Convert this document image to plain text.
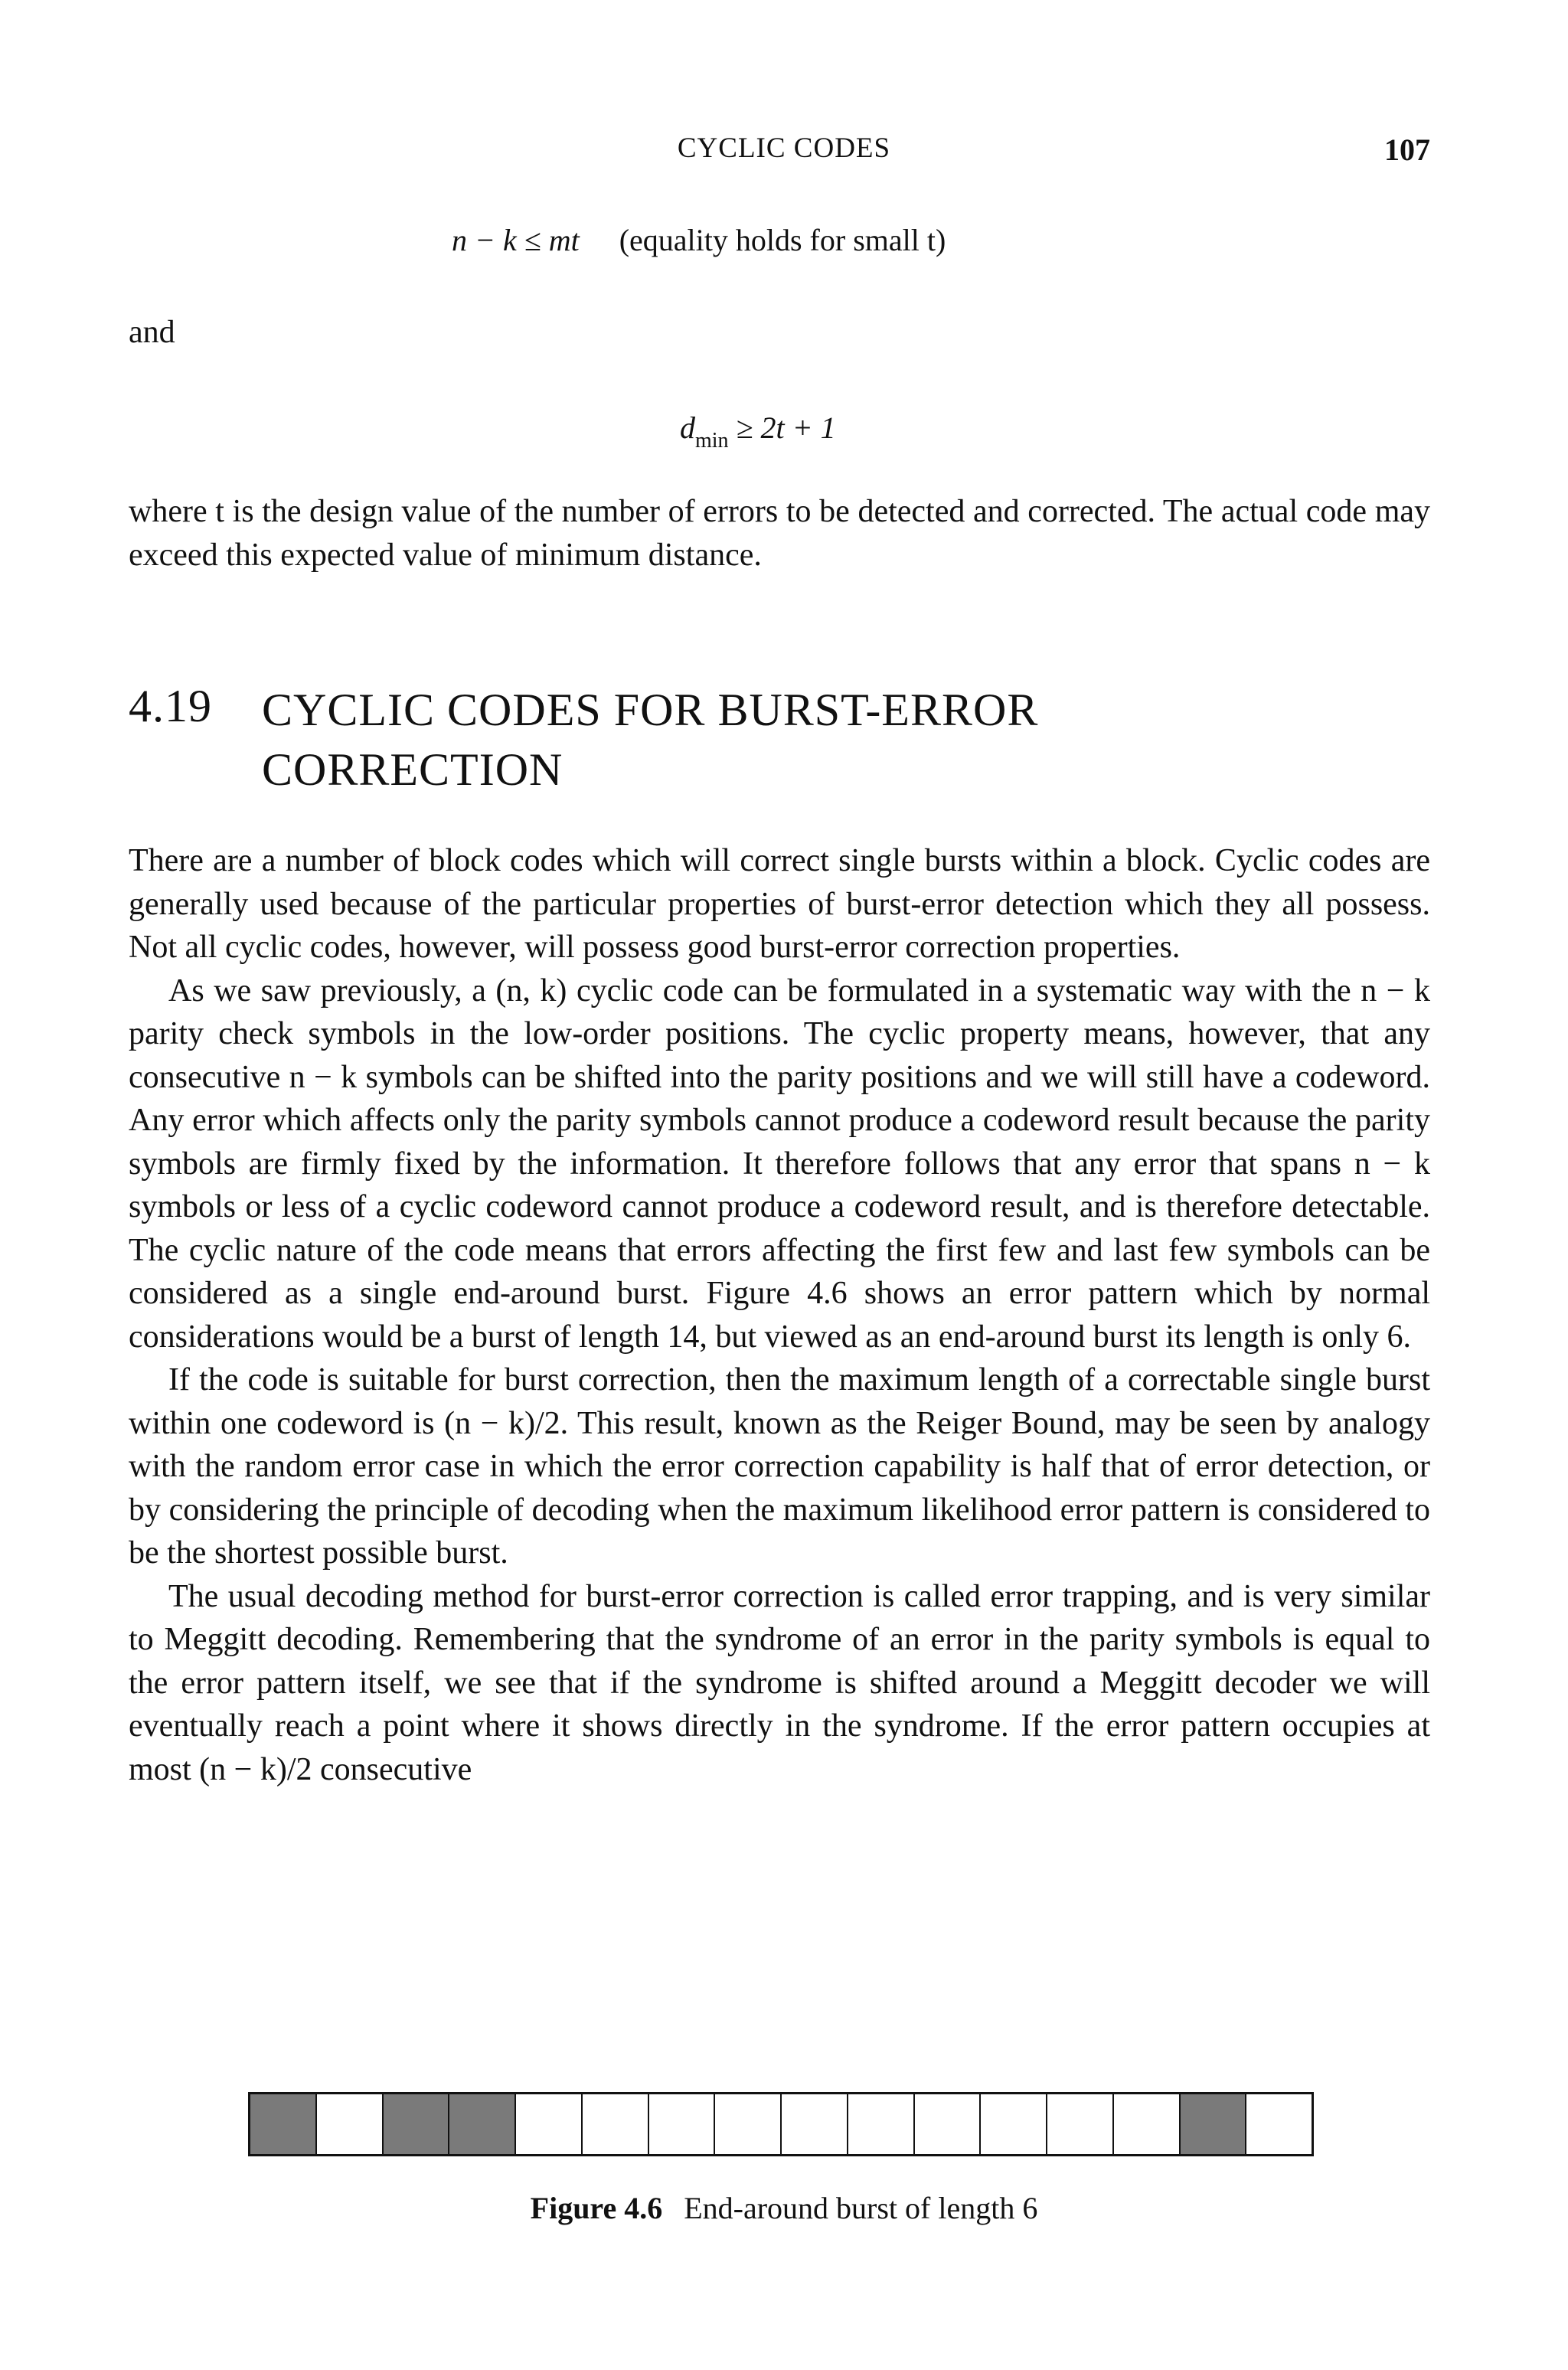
CYCLIC CODES	107
n − k ≤ mt (equality holds for small t)
and
$d_{min} \ge 2t + 1$

where t is the design value of the number of errors to be detected and corrected. The actual code may exceed this expected value of minimum distance.

4.19 CYCLIC CODES FOR BURST-ERROR CORRECTION

There are a number of block codes which will correct single bursts within a block. Cyclic codes are generally used because of the particular properties of burst-error detection which they all possess. Not all cyclic codes, however, will possess good burst-error correction properties.

As we saw previously, a (n, k) cyclic code can be formulated in a systematic way with the n − k parity check symbols in the low-order positions. The cyclic property means, however, that any consecutive n − k symbols can be shifted into the parity positions and we will still have a codeword. Any error which affects only the parity symbols cannot produce a codeword result because the parity symbols are firmly fixed by the information. It therefore follows that any error that spans n − k symbols or less of a cyclic codeword cannot produce a codeword result, and is therefore detectable. The cyclic nature of the code means that errors affecting the first few and last few symbols can be considered as a single end-around burst. Figure 4.6 shows an error pattern which by normal considerations would be a burst of length 14, but viewed as an end-around burst its length is only 6.

If the code is suitable for burst correction, then the maximum length of a correctable single burst within one codeword is (n − k)/2. This result, known as the Reiger Bound, may be seen by analogy with the random error case in which the error correction capability is half that of error detection, or by considering the principle of decoding when the maximum likelihood error pattern is considered to be the shortest possible burst.

The usual decoding method for burst-error correction is called error trapping, and is very similar to Meggitt decoding. Remembering that the syndrome of an error in the parity symbols is equal to the error pattern itself, we see that if the syndrome is shifted around a Meggitt decoder we will eventually reach a point where it shows directly in the syndrome. If the error pattern occupies at most (n − k)/2 consecutive

Figure 4.6 End-around burst of length 6
